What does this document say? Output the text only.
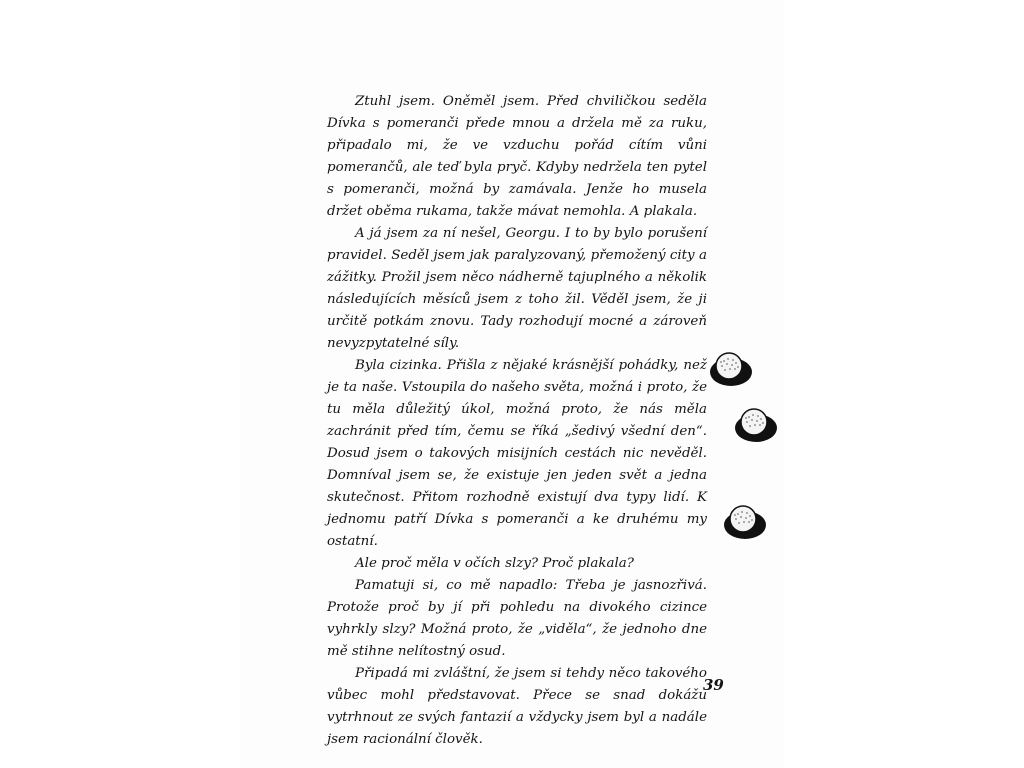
Ztuhl jsem. Oněměl jsem. Před chviličkou seděla Dívka s pomeranči přede mnou a držela mě za ruku, připadalo mi, že ve vzduchu pořád cítím vůni pomerančů, ale teď byla pryč. Kdyby nedržela ten pytel s pomeranči, možná by zamávala. Jenže ho musela držet oběma rukama, takže mávat nemohla. A plakala.

A já jsem za ní nešel, Georgu. I to by bylo porušení pravidel. Seděl jsem jak paralyzovaný, přemožený city a zážitky. Prožil jsem něco nádherně tajuplného a několik následujících měsíců jsem z toho žil. Věděl jsem, že ji určitě potkám znovu. Tady rozhodují mocné a zároveň nevyzpytatelné síly.

Byla cizinka. Přišla z nějaké krásnější pohádky, než je ta naše. Vstoupila do našeho světa, možná i proto, že tu měla důležitý úkol, možná proto, že nás měla zachránit před tím, čemu se říká „šedivý všední den“. Dosud jsem o takových misijních cestách nic nevěděl. Domníval jsem se, že existuje jen jeden svět a jedna skutečnost. Přitom rozhodně existují dva typy lidí. K jednomu patří Dívka s pomeranči a ke druhému my ostatní.

Ale proč měla v očích slzy? Proč plakala?

Pamatuji si, co mě napadlo: Třeba je jasnozřivá. Protože proč by jí při pohledu na divokého cizince vyhrkly slzy? Možná proto, že „viděla“, že jednoho dne mě stihne nelítostný osud.

Připadá mi zvláštní, že jsem si tehdy něco takového vůbec mohl představovat. Přece se snad dokážu vytrhnout ze svých fantazií a vždycky jsem byl a nadále jsem racionální člověk.

39
